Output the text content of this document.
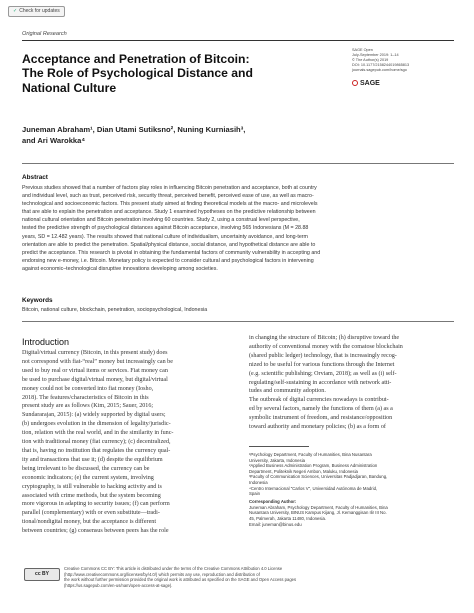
✓ Check for updates
Original Research
Acceptance and Penetration of Bitcoin:
The Role of Psychological Distance and
National Culture
SAGE Open
July-September 2019: 1–14
© The Author(s) 2019
DOI: 10.1177/2158244019865813
journals.sagepub.com/home/sgo
SAGE
Juneman Abraham¹, Dian Utami Sutiksno², Nuning Kurniasih³,
and Ari Warokka⁴
Abstract
Previous studies showed that a number of factors play roles in influencing Bitcoin penetration and acceptance, both at country
and individual level, such as trust, perceived risk, security threat, perceived benefit, perceived ease of use, as well as macro-
technological and socioeconomic factors. This present study aimed at finding theoretical models at the macro- and microlevels
that are able to explain the penetration and acceptance. Study 1 examined hypotheses on the predictive relationship between
national cultural orientation and Bitcoin penetration involving 60 countries. Study 2, using a construal level perspective,
tested the predictive strength of psychological distances against Bitcoin acceptance, involving 565 Indonesians (M = 28.88
years, SD = 12.482 years). The results showed that national culture of individualism, uncertainty avoidance, and long-term
orientation are able to predict the penetration. Spatial/physical distance, social distance, and hypothetical distance are able to
predict the acceptance. This research is pivotal in obtaining the fundamental factors of community vulnerability in accepting and
endorsing new e-money, i.e. Bitcoin. Monetary policy is expected to consider cultural and psychological factors in intervening
against economic–technological disruptive innovations developing among societies.
Keywords
Bitcoin, national culture, blockchain, penetration, sociopsychological, Indonesia
Introduction
Digital/virtual currency (Bitcoin, in this present study) does
not correspond with fiat-“real” money but increasingly can be
used to buy real or virtual items or services. Fiat money can
be used to purchase digital/virtual money, but digital/virtual
money could not be converted into fiat money (Iosho,
2018). The features/characteristics of Bitcoin in this
present study are as follows (Kim, 2015; Sauer, 2016;
Sundararajan, 2015): (a) widely supported by digital users;
(b) undergoes evolution in the dimension of legality/jurisdic-
tion, relation with the real world, and in the similarity in func-
tion with traditional money (fiat currency); (c) decentralized,
that is, having no institution that regulates the currency qual-
ity and transactions that use it; (d) despite the equilibrium
being irrelevant to be discussed, the currency can be
economic indicators; (e) the current system, involving
cryptography, is still vulnerable to hacking activity and is
associated with crime methods, but the system becoming
more vigorous in adapting to security issues; (f) can perform
parallel (complementary) with or even substitute—tradi-
tional/nondigital money, but the acceptance is different
between countries; (g) consensus between peers has the role
in changing the structure of Bitcoin; (h) disruptive toward the
authority of conventional money with the comatose blockchain
(shared public ledger) technology, that is increasingly recog-
nized to be useful for various functions through the Internet
(e.g. scientific publishing; Orviam, 2018); as well as (i) self-
regulating/self-sustaining in accordance with network atti-
tudes and community adoption.
The outbreak of digital currencies nowadays is contribut-
ed by several factors, namely the functions of them (a) as a
symbolic instrument of freedom, and resistance/opposition
toward authority and monetary policies; (b) as a form of
¹Psychology Department, Faculty of Humanities, Bina Nusantara
University, Jakarta, Indonesia
²Applied Business Administration Program, Business Administration
Department, Politeknik Negeri Ambon, Maluku, Indonesia
³Faculty of Communication Sciences, Universitas Padjadjaran, Bandung,
Indonesia
⁴Centro Internacional “Carlos V”, Universidad Autónoma de Madrid,
Spain
Corresponding Author:
Juneman Abraham, Psychology Department, Faculty of Humanities, Bina
Nusantara University, BINUS Kampus Kijang, Jl. Kemanggisan Ilir III No.
45, Palmerah, Jakarta 11480, Indonesia.
Email: juneman@binus.edu
cc BY
Creative Commons CC BY: This article is distributed under the terms of the Creative Commons Attribution 4.0 License
(http://www.creativecommons.org/licenses/by/4.0/) which permits any use, reproduction and distribution of
the work without further permission provided the original work is attributed as specified on the SAGE and Open Access pages
(https://us.sagepub.com/en-us/nam/open-access-at-sage).
